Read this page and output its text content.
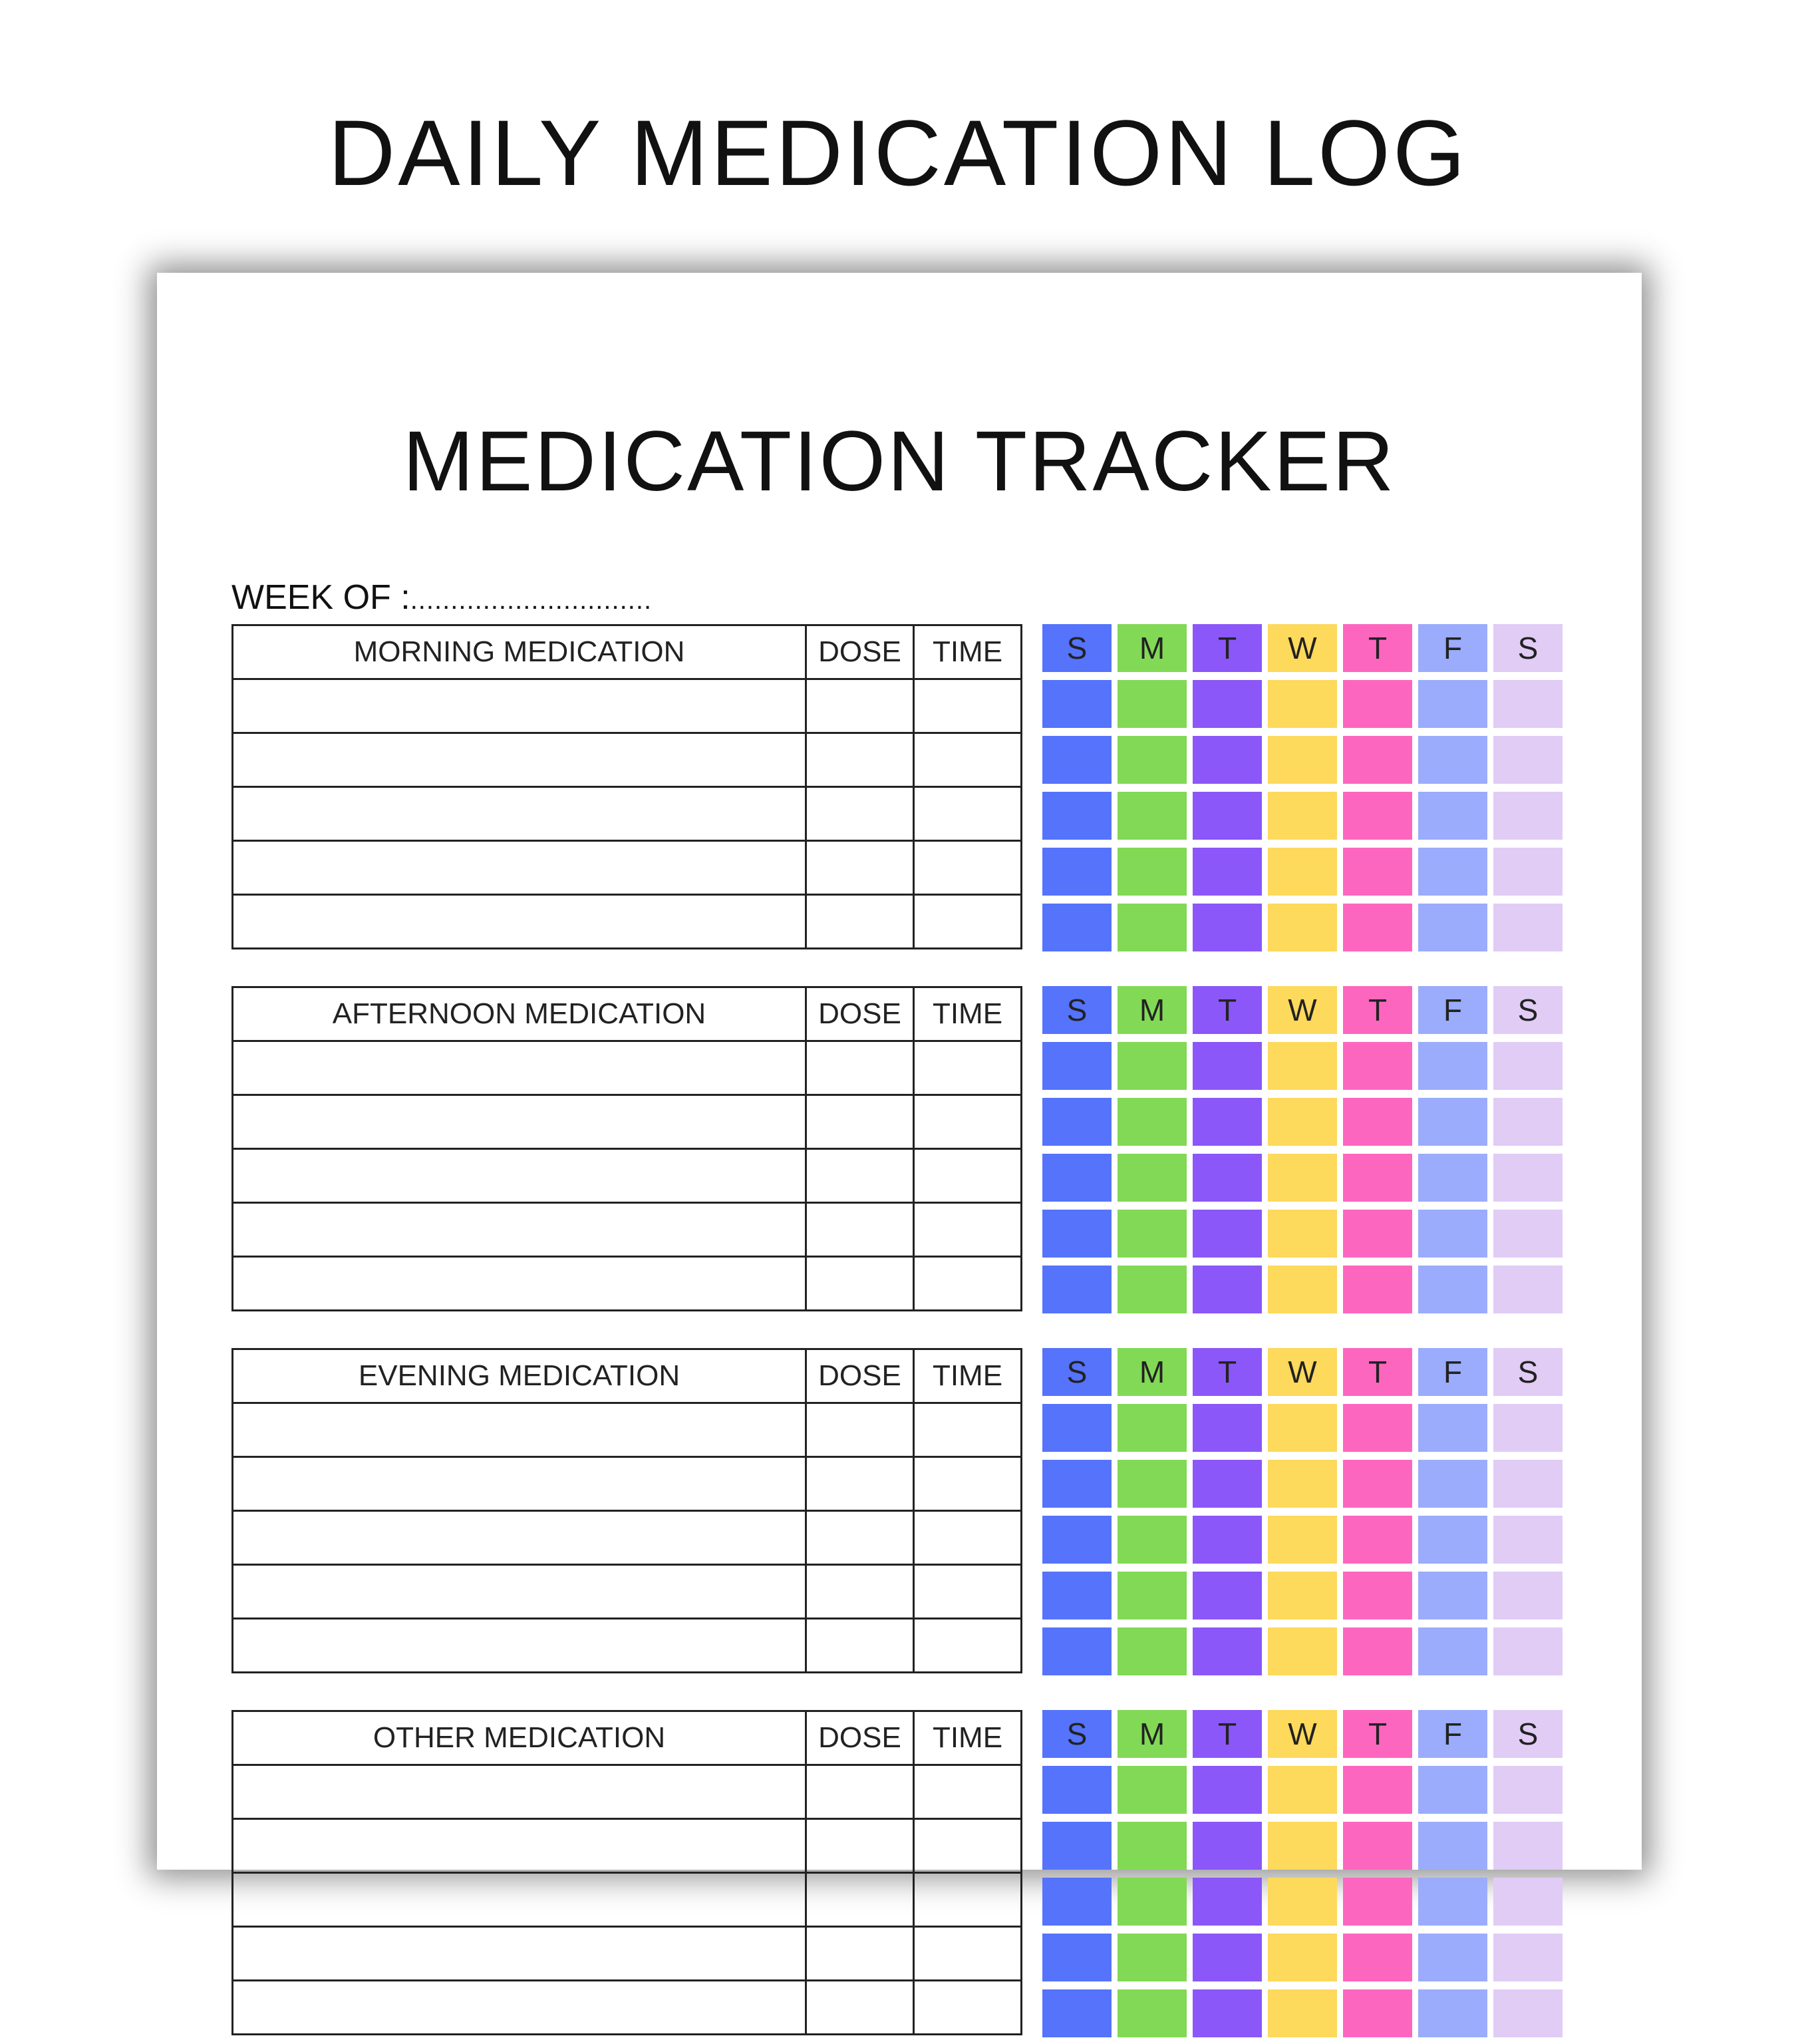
DAILY MEDICATION LOG
MEDICATION TRACKER
WEEK OF :..............................
MORNING MEDICATION	DOSE	TIME

			S	M	T	W	T	F	S
AFTERNOON MEDICATION	DOSE	TIME

			S	M	T	W	T	F	S
EVENING MEDICATION	DOSE	TIME

			S	M	T	W	T	F	S
OTHER MEDICATION	DOSE	TIME

			S	M	T	W	T	F	S
